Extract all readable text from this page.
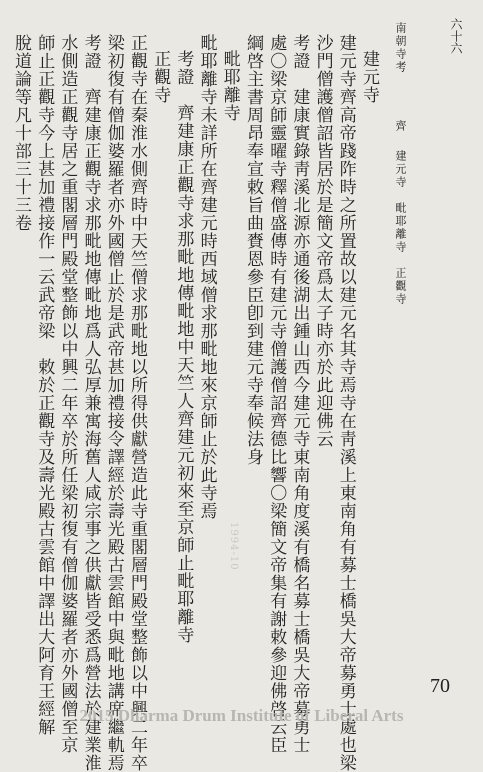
六十六
南朝寺考
齊
建元寺　毗耶離寺　正觀寺
建元寺
建元寺齊高帝踐阼時之所置故以建元名其寺焉寺在靑溪上東南角有募士橋吳大帝募勇士處也梁
沙門僧護僧詔皆居於是簡文帝爲太子時亦於此迎佛云
考證　建康實錄靑溪北源亦通後湖出鍾山西今建元寺東南角度溪有橋名募士橋吳大帝募勇士
處〇梁京師靈曜寺釋僧盛傳時有建元寺僧護僧詔齊德比響〇梁簡文帝集有謝敕參迎佛啓云臣
綱啓主書周昂奉宣敕旨曲賚恩參臣卽到建元寺奉候法身
毗耶離寺
毗耶離寺未詳所在齊建元時西域僧求那毗地來京師止於此寺焉
考證　齊建康正觀寺求那毗地傳毗地中天竺人齊建元初來至京師止毗耶離寺
正觀寺
正觀寺在秦淮水側齊時中天竺僧求那毗地以所得供獻營造此寺重閣層門殿堂整飾以中興二年卒
梁初復有僧伽婆羅者亦外國僧止於是武帝甚加禮接令譯經於壽光殿古雲館中與毗地講席繼軌焉
考證　齊建康正觀寺求那毗地傳毗地爲人弘厚兼寓海舊人咸宗事之供獻皆受悉爲營法於建業淮
水側造正觀寺居之重閣層門殿堂整飾以中興二年卒於所任梁初復有僧伽婆羅者亦外國僧至京
師止正觀寺今上甚加禮接作一云武帝梁　敕於正觀寺及壽光殿古雲館中譯出大阿育王經解
脫道論等凡十部三十三卷
1994-10
70
2015 Dharma Drum Institute of Liberal Arts
